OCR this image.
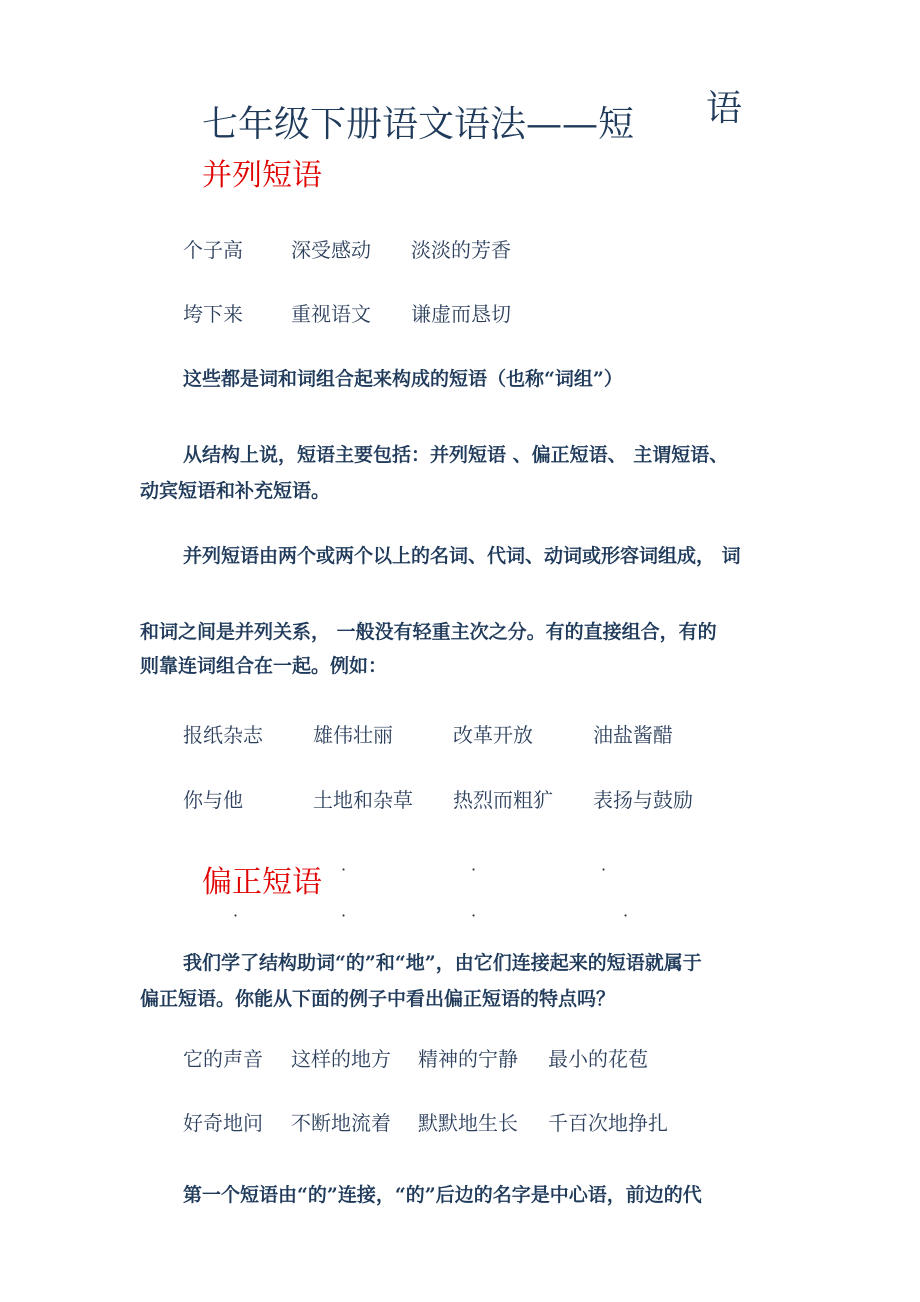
七年级下册语文语法——短 语
并列短语
个子高 深受感动 淡淡的芳香
垮下来 重视语文 谦虚而恳切
这些都是词和词组合起来构成的短语（也称“词组”）
从结构上说，短语主要包括：并列短语 、偏正短语、 主谓短语、
动宾短语和补充短语。
并列短语由两个或两个以上的名词、代词、动词或形容词组成， 词
和词之间是并列关系， 一般没有轻重主次之分。有的直接组合，有的
则靠连词组合在一起。例如：
报纸杂志	雄伟壮丽	改革开放	油盐酱醋
你与他	土地和杂草 热烈而粗犷 表扬与鼓励
偏正短语 ·	·	·
·	·	·	·
我们学了结构助词“的”和“地”，由它们连接起来的短语就属于
偏正短语。你能从下面的例子中看出偏正短语的特点吗？
它的声音 这样的地方 精神的宁静 最小的花苞
好奇地问 不断地流着 默默地生长 千百次地挣扎
第一个短语由“的”连接，“的”后边的名字是中心语，前边的代
